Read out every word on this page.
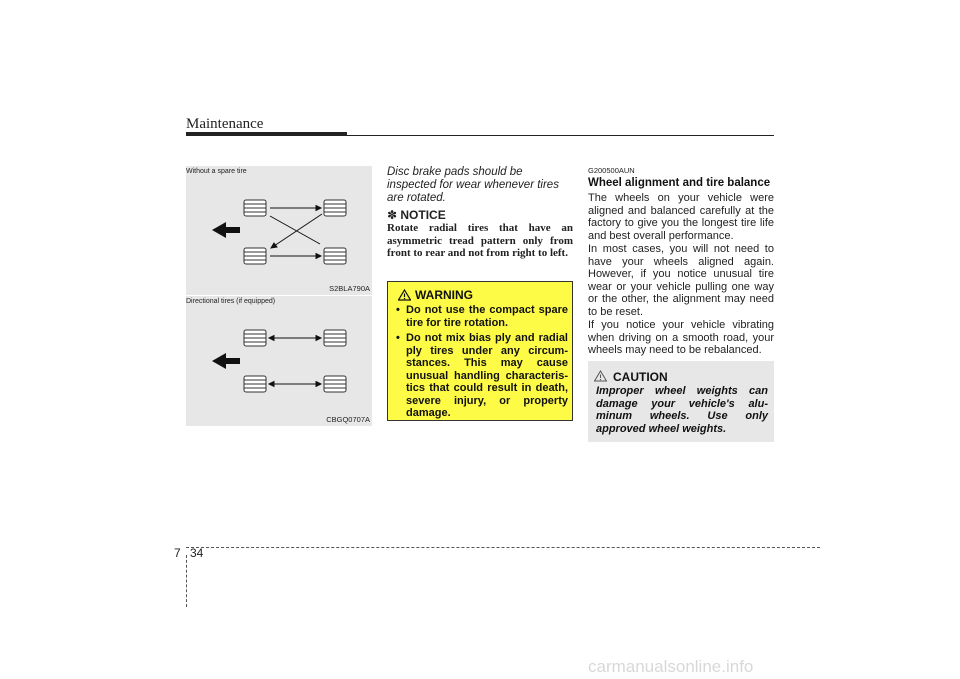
Maintenance
Without a spare tire
S2BLA790A
Directional tires (if equipped)
CBGQ0707A
Disc brake pads should be inspected for wear whenever tires are rotated.
✽ NOTICE
Rotate radial tires that have an asymmetric tread pattern only from front to rear and not from right to left.
WARNING
• Do not use the compact spare tire for tire rotation.
• Do not mix bias ply and radial ply tires under any circum-stances. This may cause unusual handling characteris-tics that could result in death, severe injury, or property damage.
G200500AUN
Wheel alignment and tire balance
The wheels on your vehicle were aligned and balanced carefully at the factory to give you the longest tire life and best overall performance.
In most cases, you will not need to have your wheels aligned again. However, if you notice unusual tire wear or your vehicle pulling one way or the other, the alignment may need to be reset.
If you notice your vehicle vibrating when driving on a smooth road, your wheels may need to be rebalanced.
CAUTION
Improper wheel weights can damage your vehicle's alu-minum wheels. Use only approved wheel weights.
7 34
carmanualsonline.info
